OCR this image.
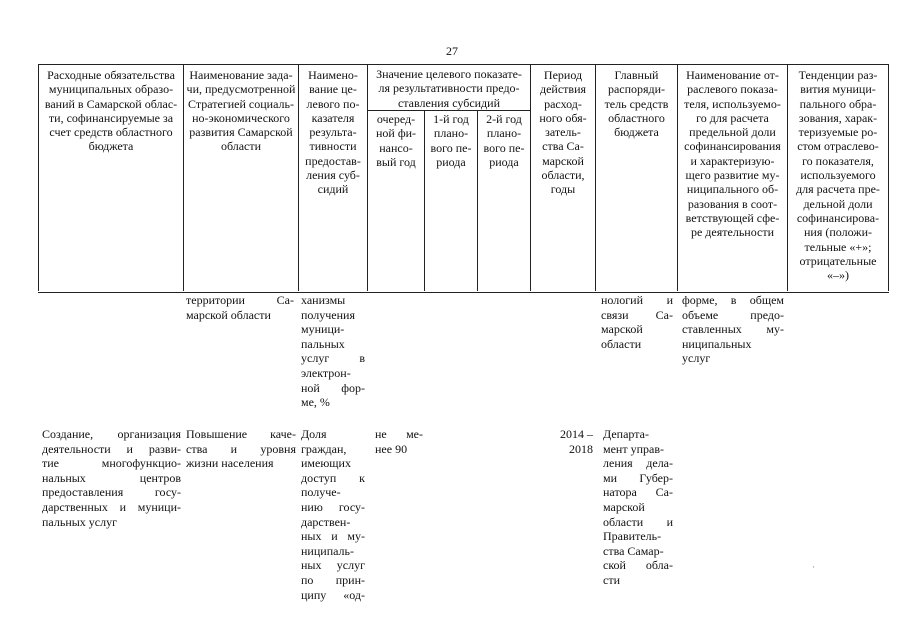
27
Расходные обязательства
муниципальных образо-
ваний в Самарской облас-
ти, софинансируемые за
счет средств областного
бюджета
Наименование зада-
чи, предусмотренной
Стратегией социаль-
но-экономического
развития Самарской
области
Наимено-
вание це-
левого по-
казателя
результа-
тивности
предостав-
ления суб-
сидий
Значение целевого показате-
ля результативности предо-
ставления субсидий
очеред-
ной фи-
нансо-
вый год
1-й год
плано-
вого пе-
риода
2-й год
плано-
вого пе-
риода
Период
действия
расход-
ного обя-
затель-
ства Са-
марской
области,
годы
Главный
распоряди-
тель средств
областного
бюджета
Наименование от-
раслевого показа-
теля, используемо-
го для расчета
предельной доли
софинансирования
и характеризую-
щего развитие му-
ниципального об-
разования в соот-
ветствующей сфе-
ре деятельности
Тенденции раз-
вития муници-
пального обра-
зования, харак-
теризуемые ро-
стом отраслево-
го показателя,
используемого
для расчета пре-
дельной доли
софинансирова-
ния (положи-
тельные «+»;
отрицательные
«–»)
территории Са-
марской области
ханизмы
получения
муници-
пальных
услуг в
электрон-
ной фор-
ме, %
нологий и
связи Са-
марской
области
форме, в общем
объеме предо-
ставленных му-
ниципальных
услуг
Создание, организация
деятельности и разви-
тие многофункцио-
нальных центров
предоставления госу-
дарственных и муници-
пальных услуг
Повышение каче-
ства и уровня
жизни населения
Доля
граждан,
имеющих
доступ к
получе-
нию госу-
дарствен-
ных и му-
ниципаль-
ных услуг
по прин-
ципу «од-
не ме-
нее 90
2014 –
2018
Департа-
мент управ-
ления дела-
ми Губер-
натора Са-
марской
области и
Правитель-
ства Самар-
ской обла-
сти
·
